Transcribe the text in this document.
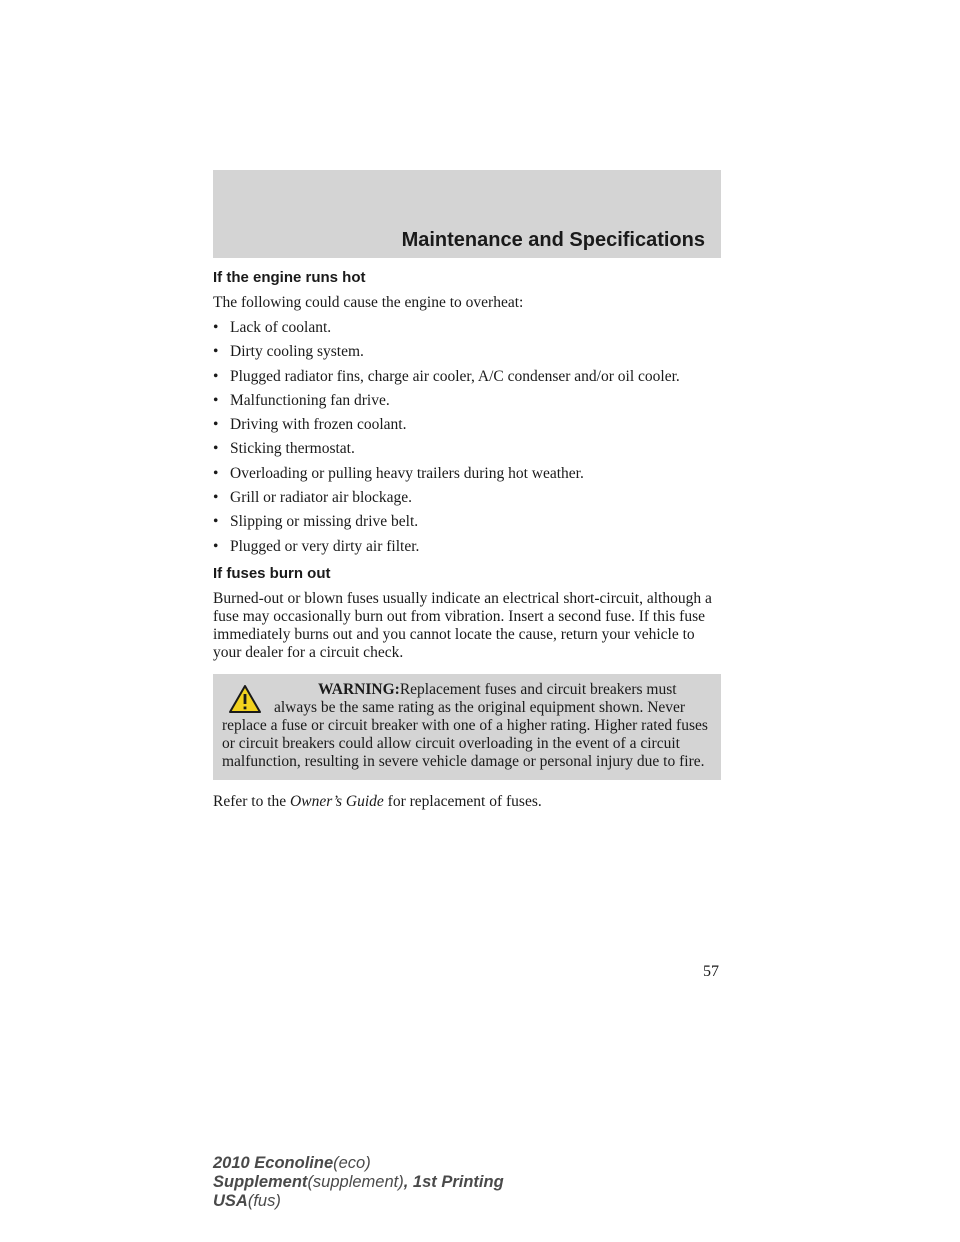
Maintenance and Specifications
If the engine runs hot
The following could cause the engine to overheat:
• Lack of coolant.
• Dirty cooling system.
• Plugged radiator fins, charge air cooler, A/C condenser and/or oil cooler.
• Malfunctioning fan drive.
• Driving with frozen coolant.
• Sticking thermostat.
• Overloading or pulling heavy trailers during hot weather.
• Grill or radiator air blockage.
• Slipping or missing drive belt.
• Plugged or very dirty air filter.
If fuses burn out
Burned-out or blown fuses usually indicate an electrical short-circuit, although a fuse may occasionally burn out from vibration. Insert a second fuse. If this fuse immediately burns out and you cannot locate the cause, return your vehicle to your dealer for a circuit check.
WARNING:Replacement fuses and circuit breakers must always be the same rating as the original equipment shown. Never replace a fuse or circuit breaker with one of a higher rating. Higher rated fuses or circuit breakers could allow circuit overloading in the event of a circuit malfunction, resulting in severe vehicle damage or personal injury due to fire.
Refer to the Owner’s Guide for replacement of fuses.
57
2010 Econoline(eco)
Supplement(supplement), 1st Printing
USA(fus)
